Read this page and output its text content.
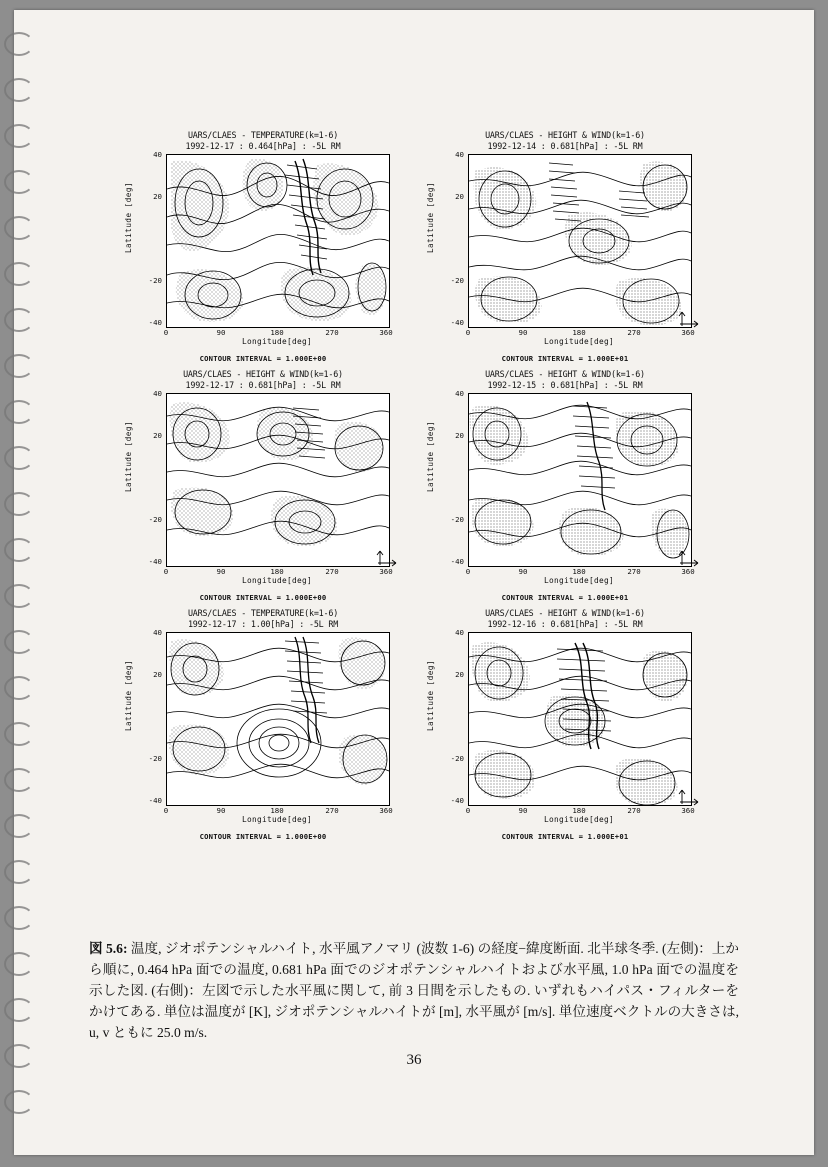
UARS/CLAES - TEMPERATURE(k=1-6)
1992-12-17 : 0.464[hPa] : -5L RM
Latitude [deg]
40
20
-20
-40
0	90	180	270	360
Longitude[deg]
CONTOUR INTERVAL = 1.000E+00
UARS/CLAES - HEIGHT & WIND(k=1-6)
1992-12-14 : 0.681[hPa] : -5L RM
Latitude [deg]
40
20
-20
-40
0	90	180	270	360
Longitude[deg]
CONTOUR INTERVAL = 1.000E+01
UARS/CLAES - HEIGHT & WIND(k=1-6)
1992-12-17 : 0.681[hPa] : -5L RM
Latitude [deg]
40
20
-20
-40
0	90	180	270	360
Longitude[deg]
CONTOUR INTERVAL = 1.000E+00
UARS/CLAES - HEIGHT & WIND(k=1-6)
1992-12-15 : 0.681[hPa] : -5L RM
Latitude [deg]
40
20
-20
-40
0	90	180	270	360
Longitude[deg]
CONTOUR INTERVAL = 1.000E+01
UARS/CLAES - TEMPERATURE(k=1-6)
1992-12-17 : 1.00[hPa] : -5L RM
Latitude [deg]
40
20
-20
-40
0	90	180	270	360
Longitude[deg]
CONTOUR INTERVAL = 1.000E+00
UARS/CLAES - HEIGHT & WIND(k=1-6)
1992-12-16 : 0.681[hPa] : -5L RM
Latitude [deg]
40
20
-20
-40
0	90	180	270	360
Longitude[deg]
CONTOUR INTERVAL = 1.000E+01
図 5.6: 温度, ジオポテンシャルハイト, 水平風アノマリ (波数 1-6) の経度−緯度断面. 北半球冬季. (左側)：上から順に, 0.464 hPa 面での温度, 0.681 hPa 面でのジオポテンシャルハイトおよび水平風, 1.0 hPa 面での温度を示した図. (右側)：左図で示した水平風に関して, 前 3 日間を示したもの. いずれもハイパス・フィルターをかけてある. 単位は温度が [K], ジオポテンシャルハイトが [m], 水平風が [m/s]. 単位速度ベクトルの大きさは, u, v ともに 25.0 m/s.
36
